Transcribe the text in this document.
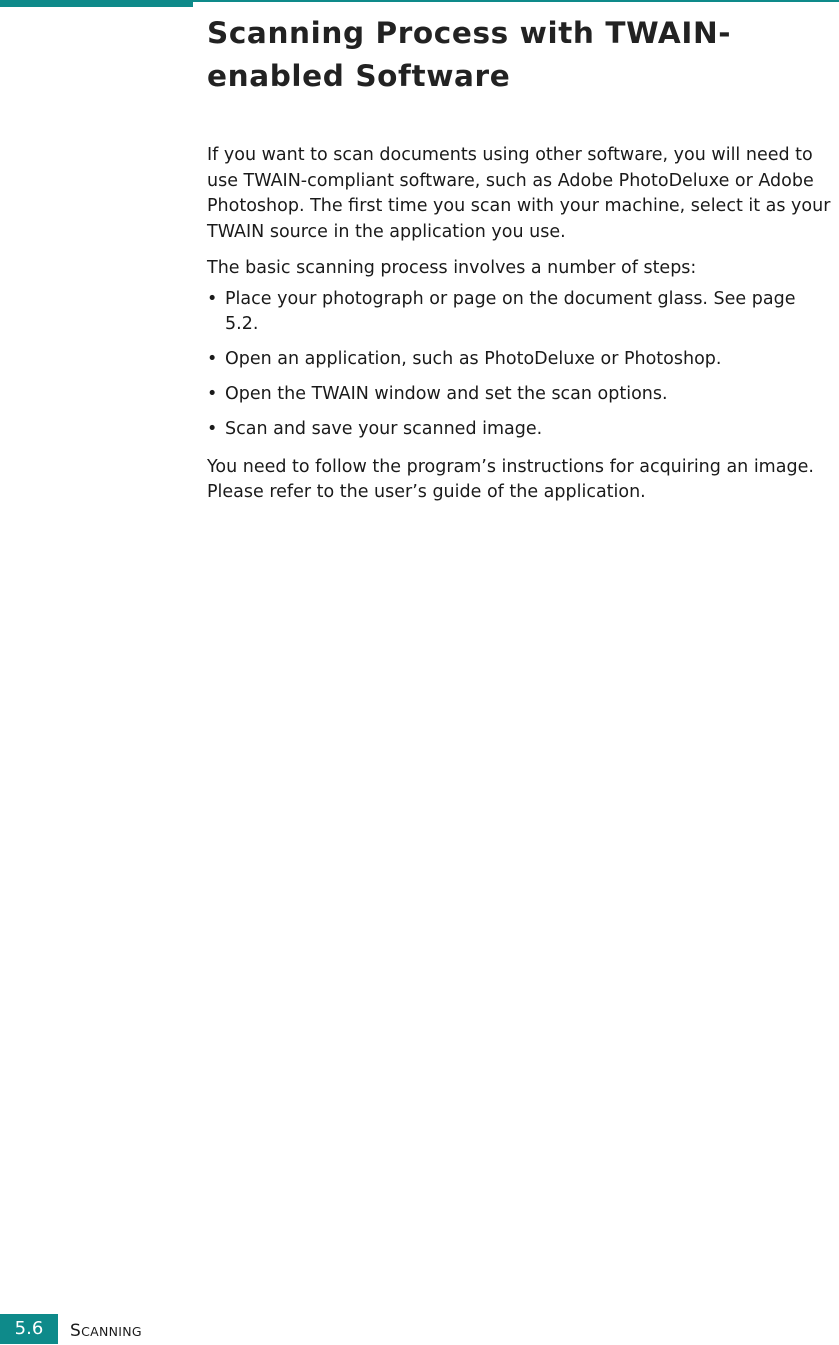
Scanning Process with TWAIN-enabled Software

If you want to scan documents using other software, you will need to use TWAIN-compliant software, such as Adobe PhotoDeluxe or Adobe Photoshop. The first time you scan with your machine, select it as your TWAIN source in the application you use.

The basic scanning process involves a number of steps:

• Place your photograph or page on the document glass. See page 5.2.
• Open an application, such as PhotoDeluxe or Photoshop.
• Open the TWAIN window and set the scan options.
• Scan and save your scanned image.

You need to follow the program’s instructions for acquiring an image. Please refer to the user’s guide of the application.

5.6	SCANNING
